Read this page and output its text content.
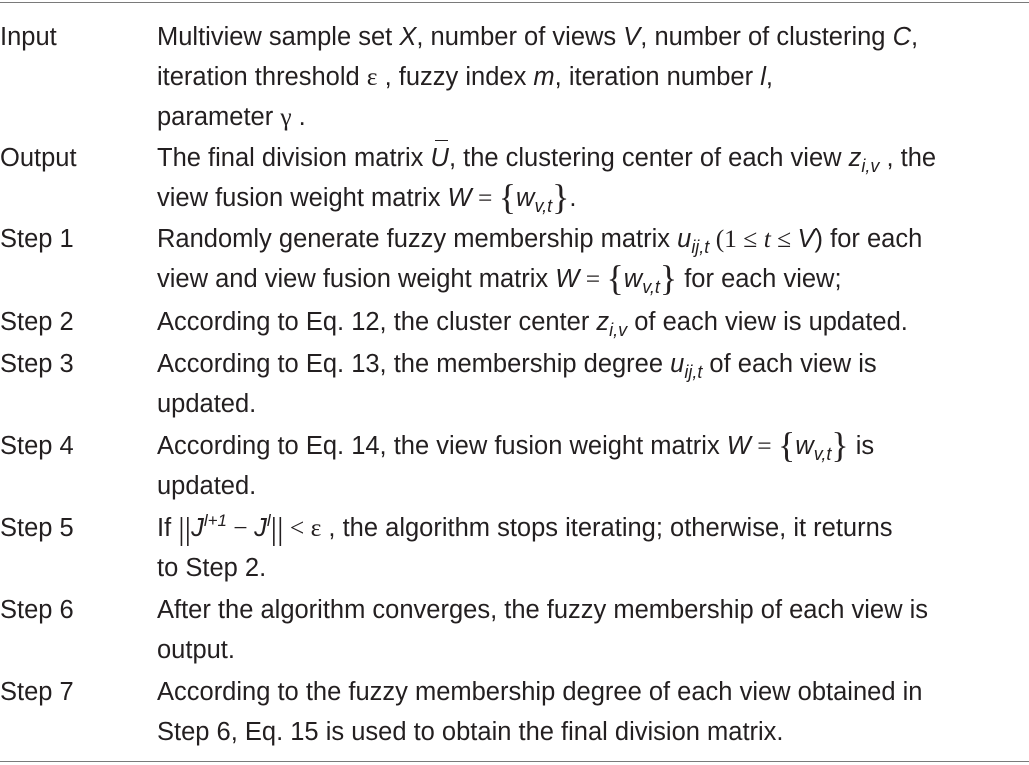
Input	Multiview sample set X, number of views V, number of clustering C,
iteration threshold ε , fuzzy index m, iteration number l,
parameter γ .
Output	The final division matrix U, the clustering center of each view $z_{i,v}$ , the
view fusion weight matrix $W = \{w_{v,t}\}$.
Step 1	Randomly generate fuzzy membership matrix $u_{ij,t}$ (1 ≤ t ≤ V) for each
view and view fusion weight matrix $W = \{w_{v,t}\}$ for each view;
Step 2	According to Eq. 12, the cluster center $z_{i,v}$ of each view is updated.
Step 3	According to Eq. 13, the membership degree $u_{ij,t}$ of each view is
updated.
Step 4	According to Eq. 14, the view fusion weight matrix $W = \{w_{v,t}\}$ is
updated.
Step 5	If $||J^{l+1} - J^l|| < \varepsilon$ , the algorithm stops iterating; otherwise, it returns
to Step 2.
Step 6	After the algorithm converges, the fuzzy membership of each view is
output.
Step 7	According to the fuzzy membership degree of each view obtained in
Step 6, Eq. 15 is used to obtain the final division matrix.
